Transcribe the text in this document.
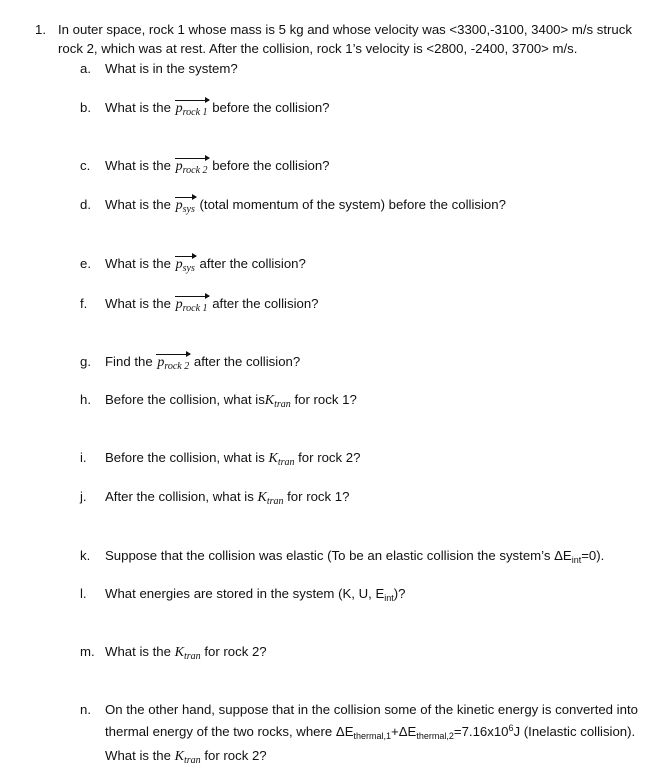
1. In outer space, rock 1 whose mass is 5 kg and whose velocity was <3300,-3100, 3400> m/s struck
rock 2, which was at rest. After the collision, rock 1’s velocity is <2800, -2400, 3700> m/s.
a.	What is in the system?
b.	What is the $p_{rock 1}$ before the collision?
c.	What is the $p_{rock 2}$ before the collision?
d.	What is the $p_{sys}$ (total momentum of the system) before the collision?
e.	What is the $p_{sys}$ after the collision?
f.	What is the $p_{rock 1}$ after the collision?
g.	Find the $p_{rock 2}$ after the collision?
h.	Before the collision, what isK$_{tran}$ for rock 1?
i.	Before the collision, what is $K_{tran}$ for rock 2?
j.	After the collision, what is $K_{tran}$ for rock 1?
k.	Suppose that the collision was elastic (To be an elastic collision the system’s $\Delta E_{int}=0$).
l.	What energies are stored in the system (K, U, $E_{int}$)?
m. What is the $K_{tran}$ for rock 2?
n.	On the other hand, suppose that in the collision some of the kinetic energy is converted into
thermal energy of the two rocks, where $\Delta E_{thermal,1}+\Delta E_{thermal,2}=7.16x10^6J$ (Inelastic collision).
What is the $K_{tran}$ for rock 2?
